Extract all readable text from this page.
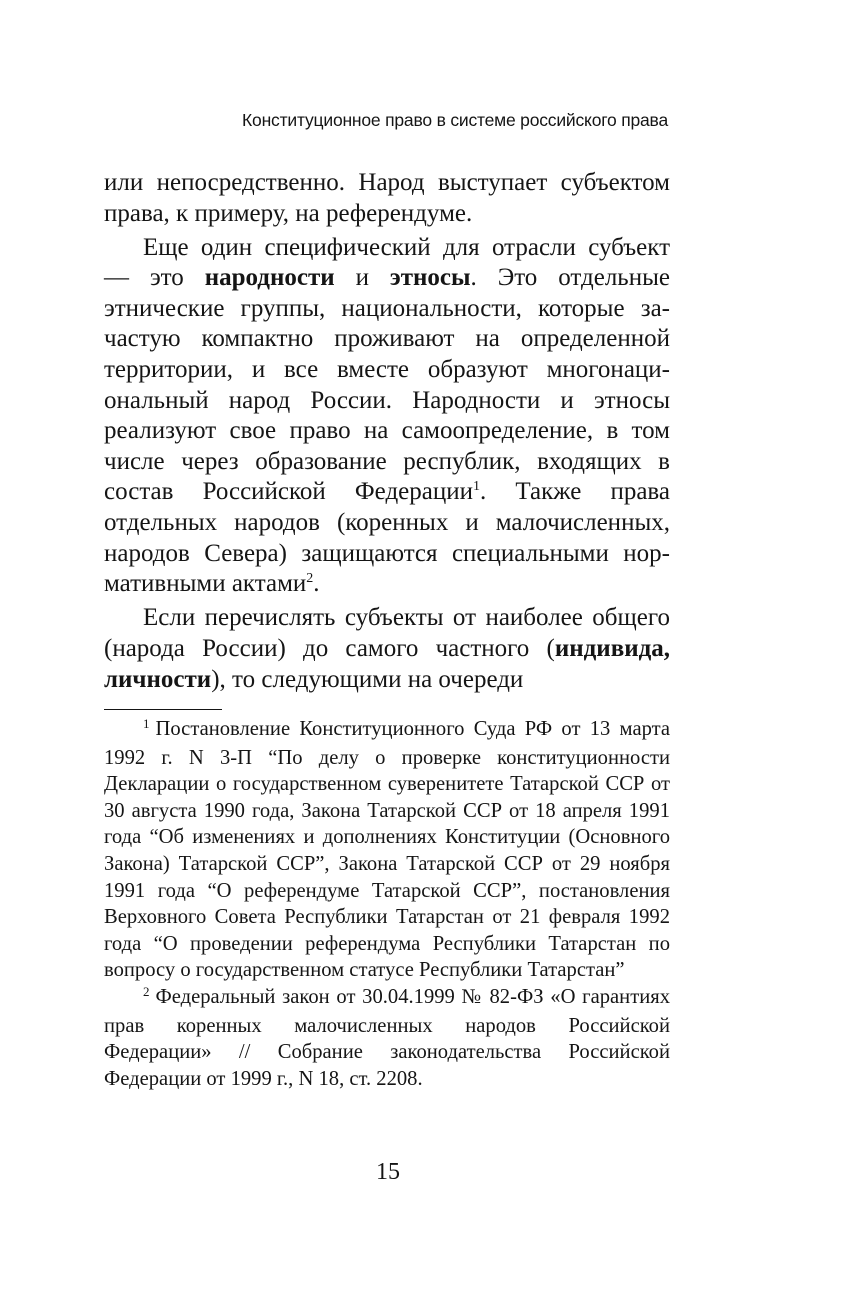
Конституционное право в системе российского права

или непосредственно. Народ выступает субъектом права, к примеру, на референдуме.

Еще один специфический для отрасли субъект — это народности и этносы. Это отдельные этнические группы, национальности, которые зачастую компактно проживают на определенной территории, и все вместе образуют многонациональный народ России. Народности и этносы реализуют свое право на самоопределение, в том числе через образование республик, входящих в состав Российской Федерации$^1$. Также права отдельных народов (коренных и малочисленных, народов Севера) защищаются специальными нормативными актами$^2$.

Если перечислять субъекты от наиболее общего (народа России) до самого частного (индивида, личности), то следующими на очереди

$^1$ Постановление Конституционного Суда РФ от 13 марта 1992 г. N 3-П “По делу о проверке конституционности Декларации о государственном суверенитете Татарской ССР от 30 августа 1990 года, Закона Татарской ССР от 18 апреля 1991 года “Об изменениях и дополнениях Конституции (Основного Закона) Татарской ССР”, Закона Татарской ССР от 29 ноября 1991 года “О референдуме Татарской ССР”, постановления Верховного Совета Республики Татарстан от 21 февраля 1992 года “О проведении референдума Республики Татарстан по вопросу о государственном статусе Республики Татарстан”

$^2$ Федеральный закон от 30.04.1999 № 82-ФЗ «О гарантиях прав коренных малочисленных народов Российской Федерации» // Собрание законодательства Российской Федерации от 1999 г., N 18, ст. 2208.

15
